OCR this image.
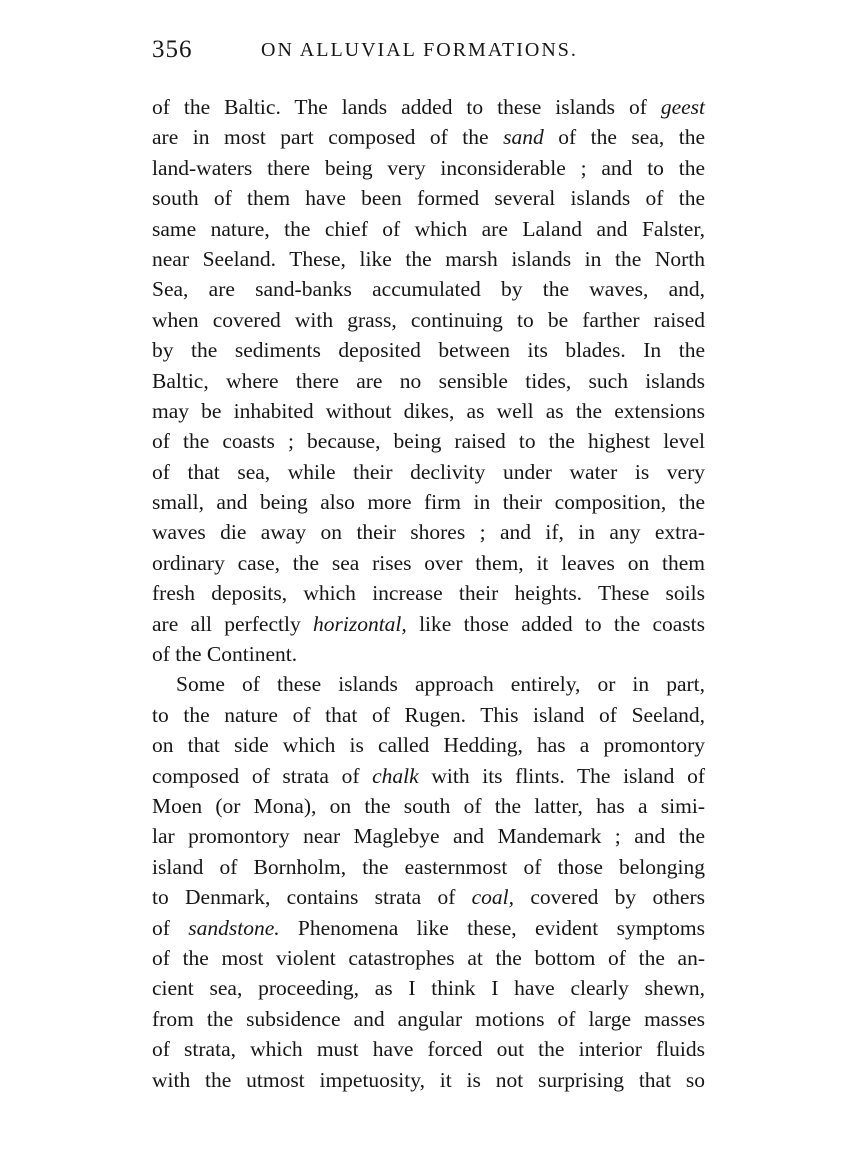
356	ON ALLUVIAL FORMATIONS.
of the Baltic. The lands added to these islands of geest
are in most part composed of the sand of the sea, the
land-waters there being very inconsiderable ; and to the
south of them have been formed several islands of the
same nature, the chief of which are Laland and Falster,
near Seeland. These, like the marsh islands in the North
Sea, are sand-banks accumulated by the waves, and,
when covered with grass, continuing to be farther raised
by the sediments deposited between its blades. In the
Baltic, where there are no sensible tides, such islands
may be inhabited without dikes, as well as the extensions
of the coasts ; because, being raised to the highest level
of that sea, while their declivity under water is very
small, and being also more firm in their composition, the
waves die away on their shores ; and if, in any extra-
ordinary case, the sea rises over them, it leaves on them
fresh deposits, which increase their heights. These soils
are all perfectly horizontal, like those added to the coasts
of the Continent.
Some of these islands approach entirely, or in part,
to the nature of that of Rugen. This island of Seeland,
on that side which is called Hedding, has a promontory
composed of strata of chalk with its flints. The island of
Moen (or Mona), on the south of the latter, has a simi-
lar promontory near Maglebye and Mandemark ; and the
island of Bornholm, the easternmost of those belonging
to Denmark, contains strata of coal, covered by others
of sandstone. Phenomena like these, evident symptoms
of the most violent catastrophes at the bottom of the an-
cient sea, proceeding, as I think I have clearly shewn,
from the subsidence and angular motions of large masses
of strata, which must have forced out the interior fluids
with the utmost impetuosity, it is not surprising that so
